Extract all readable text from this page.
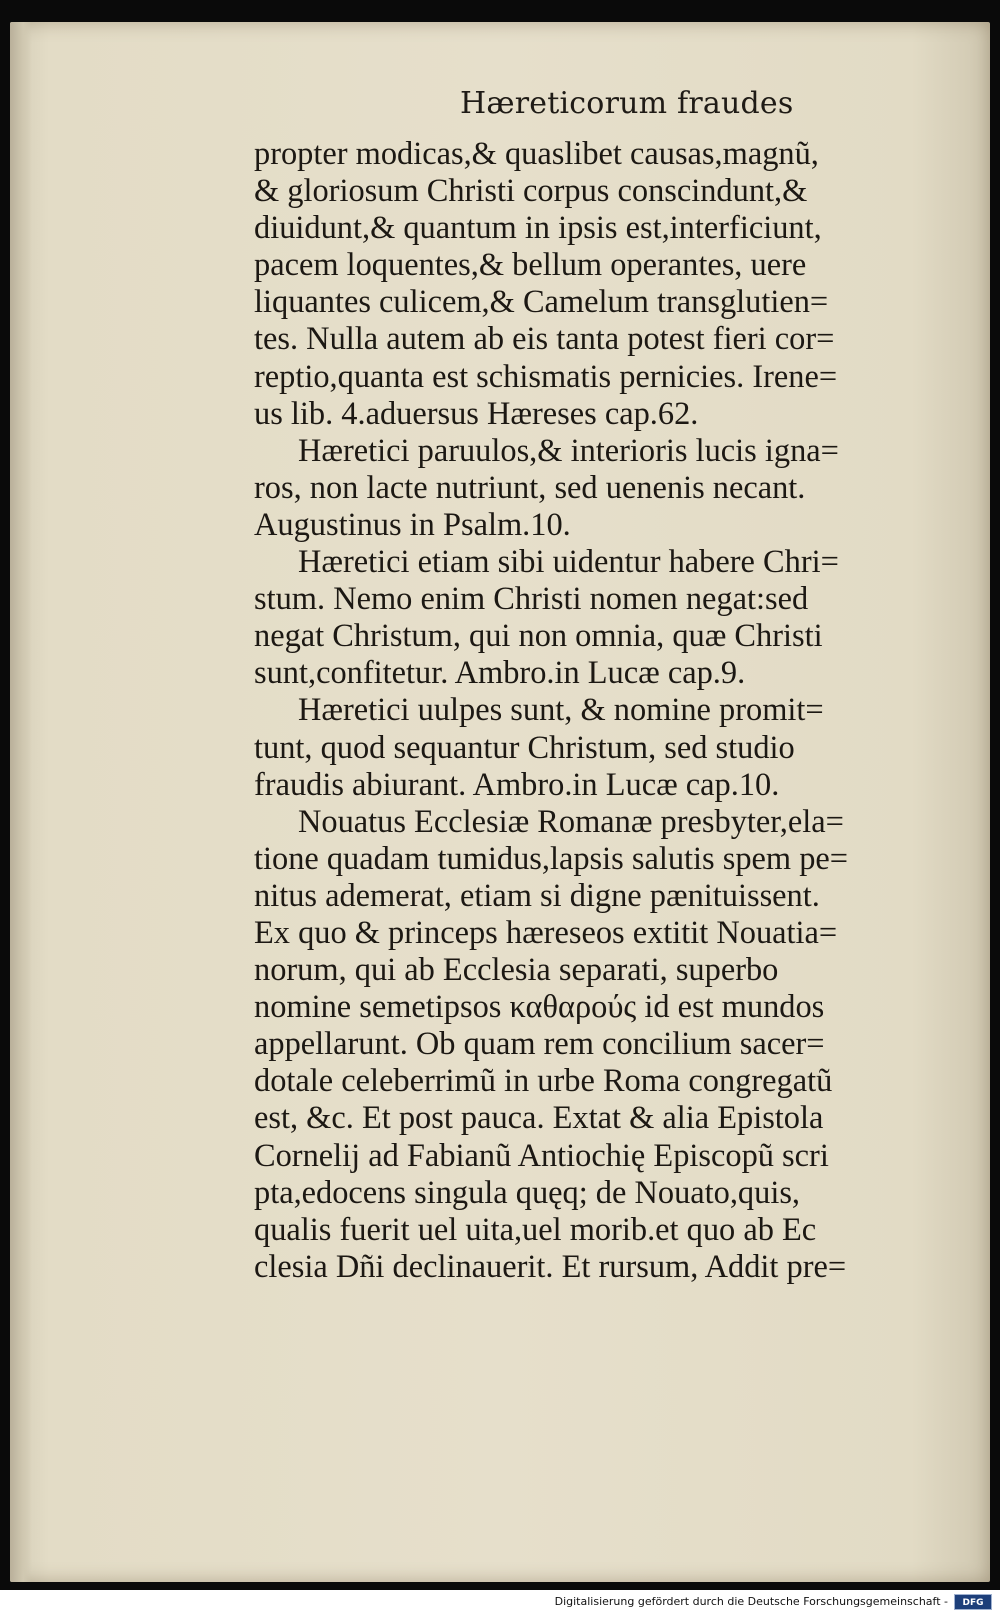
Hæreticorum fraudes
propter modicas,& quaslibet causas,magnũ,
& gloriosum Christi corpus conscindunt,&
diuidunt,& quantum in ipsis est,interficiunt,
pacem loquentes,& bellum operantes, uere
liquantes culicem,& Camelum transglutien=
tes. Nulla autem ab eis tanta potest fieri cor=
reptio,quanta est schismatis pernicies. Irene=
us lib. 4.aduersus Hæreses cap.62.
Hæretici paruulos,& interioris lucis igna=
ros, non lacte nutriunt, sed uenenis necant.
Augustinus in Psalm.10.
Hæretici etiam sibi uidentur habere Chri=
stum. Nemo enim Christi nomen negat:sed
negat Christum, qui non omnia, quæ Christi
sunt,confitetur. Ambro.in Lucæ cap.9.
Hæretici uulpes sunt, & nomine promit=
tunt, quod sequantur Christum, sed studio
fraudis abiurant. Ambro.in Lucæ cap.10.
Nouatus Ecclesiæ Romanæ presbyter,ela=
tione quadam tumidus,lapsis salutis spem pe=
nitus ademerat, etiam si digne pænituissent.
Ex quo & princeps hæreseos extitit Nouatia=
norum, qui ab Ecclesia separati, superbo
nomine semetipsos καθαρούς id est mundos
appellarunt. Ob quam rem concilium sacer=
dotale celeberrimũ in urbe Roma congregatũ
est, &c. Et post pauca. Extat & alia Epistola
Cornelij ad Fabianũ Antiochię Episcopũ scri
pta,edocens singula quęq; de Nouato,quis,
qualis fuerit uel uita,uel morib.et quo ab Ec
clesia Dñi declinauerit. Et rursum, Addit pre=
Digitalisierung gefördert durch die Deutsche Forschungsgemeinschaft -	DFG
